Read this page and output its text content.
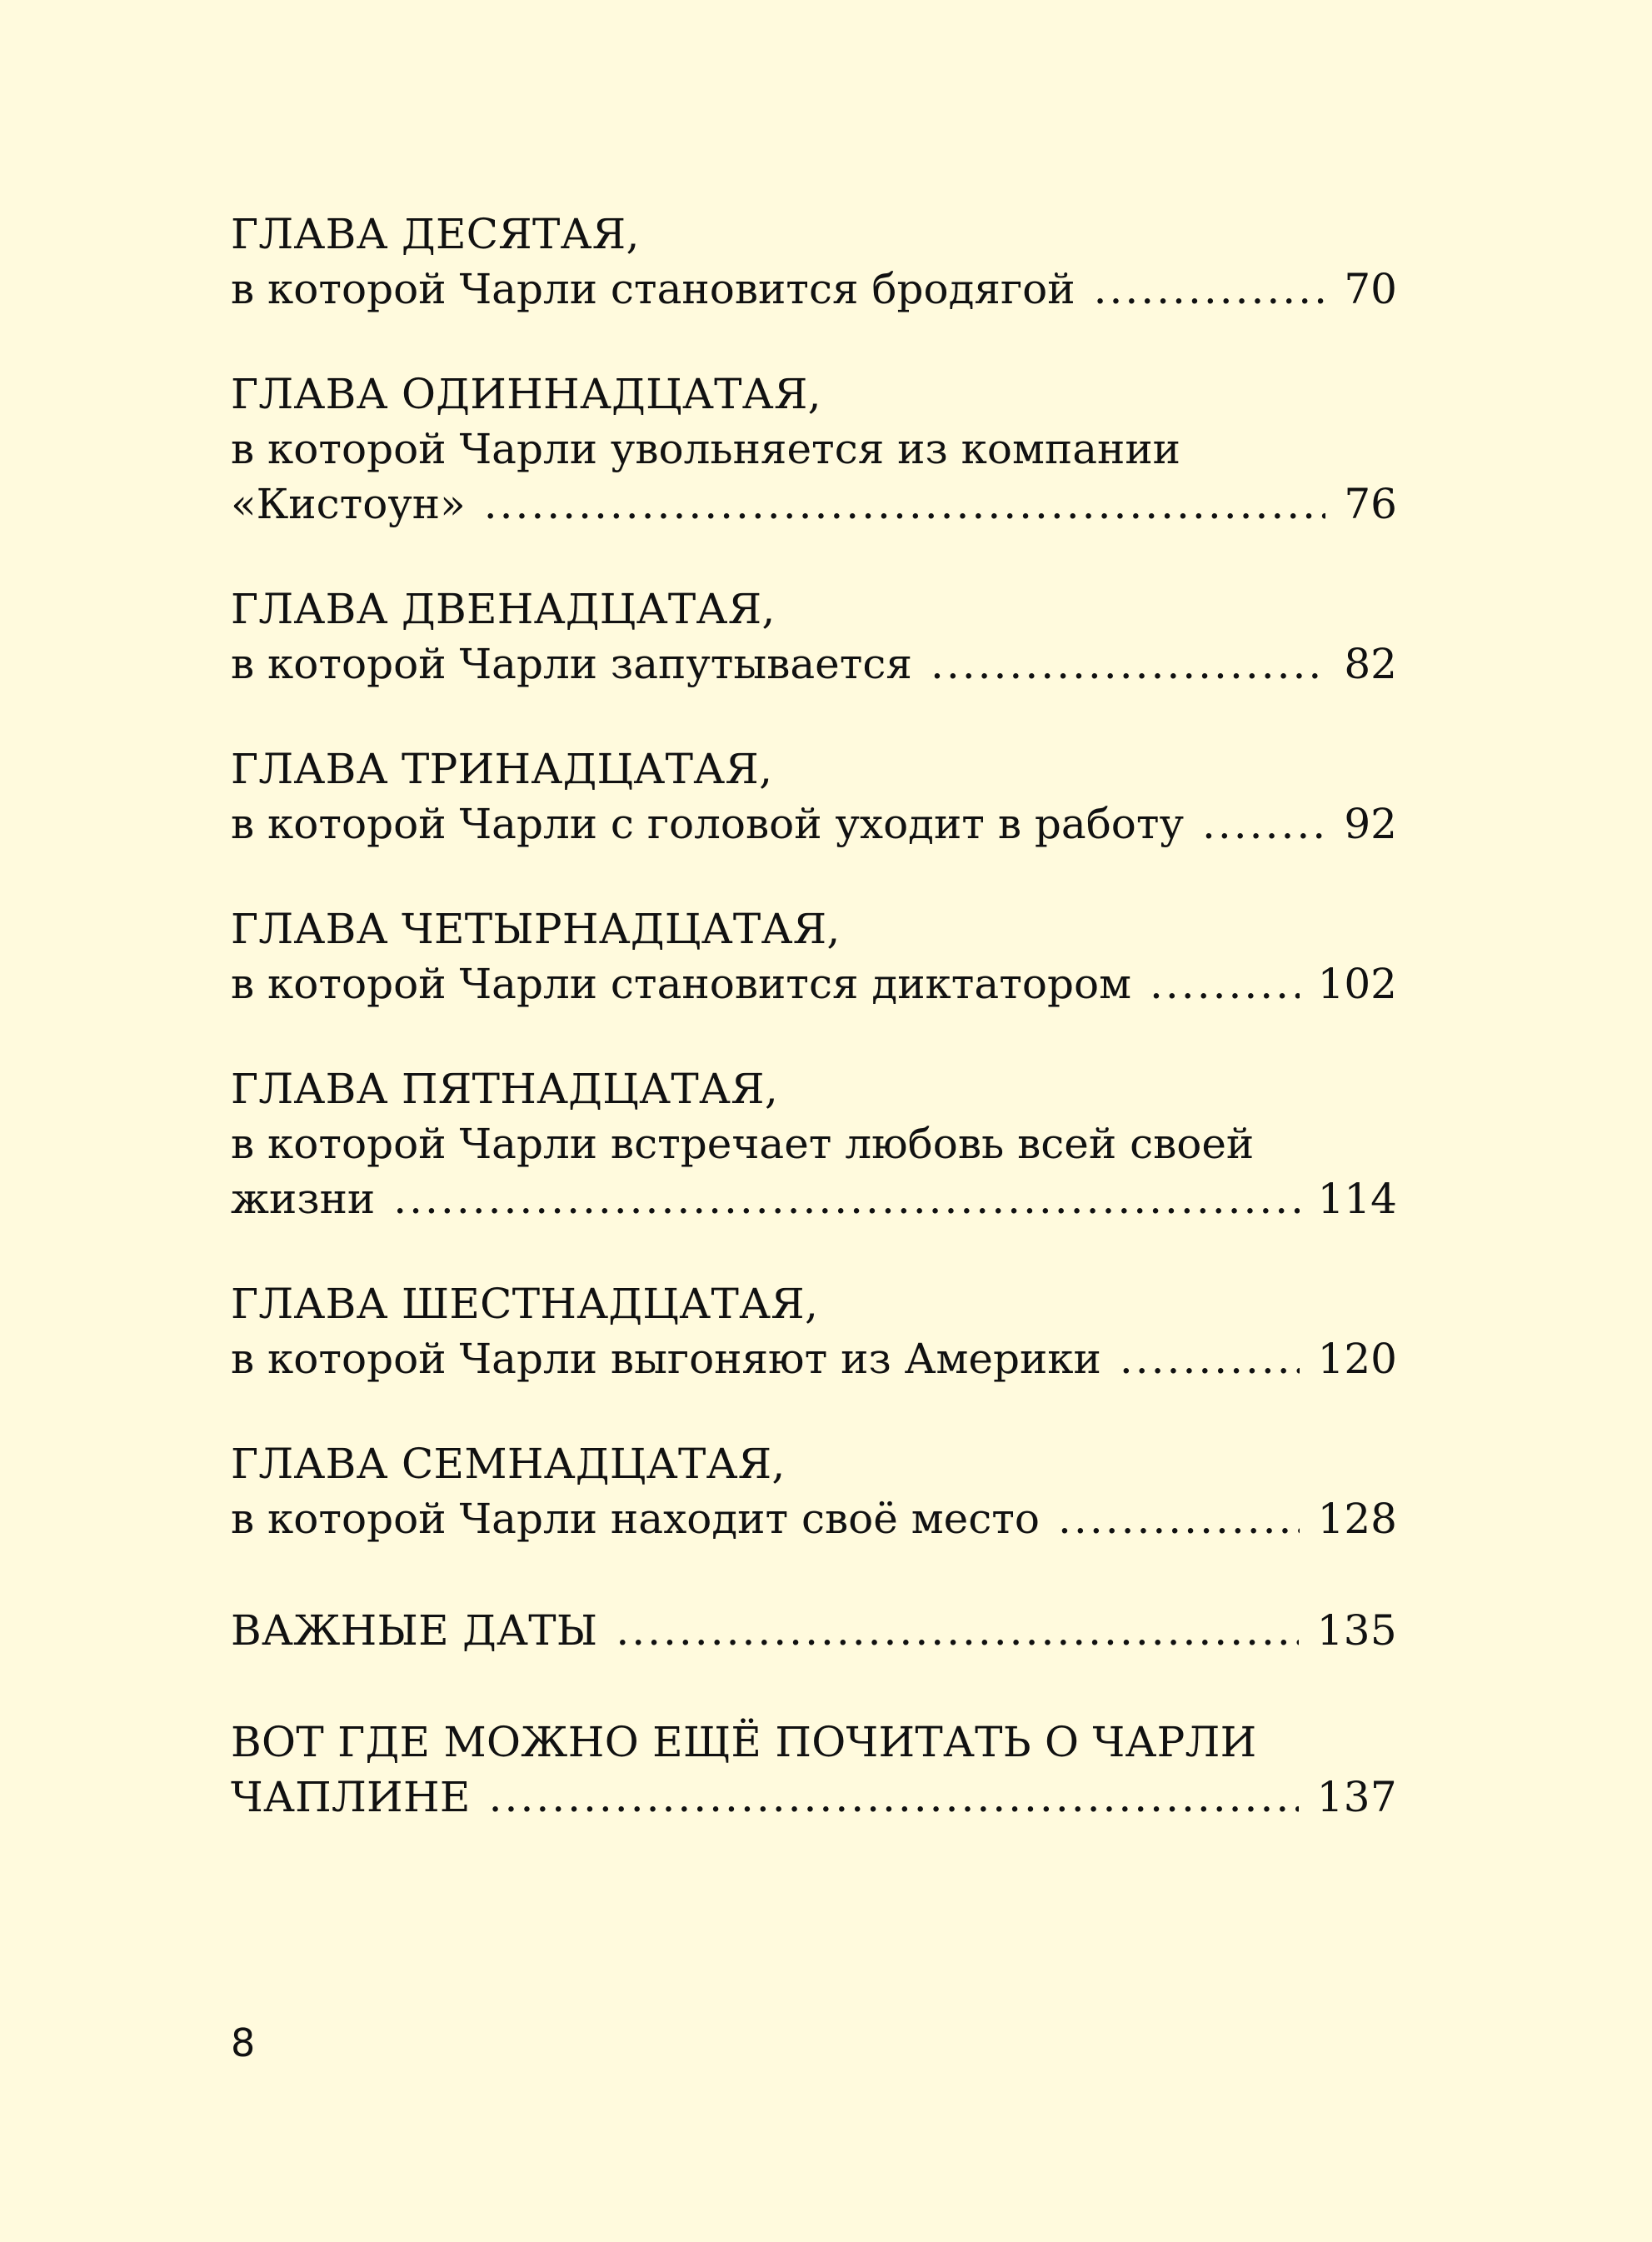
ГЛАВА ДЕСЯТАЯ,
в которой Чарли становится бродягой .....	70
ГЛАВА ОДИННАДЦАТАЯ,
в которой Чарли увольняется из компании
«Кистоун» .....	76
ГЛАВА ДВЕНАДЦАТАЯ,
в которой Чарли запутывается .....	82
ГЛАВА ТРИНАДЦАТАЯ,
в которой Чарли с головой уходит в работу .....	92
ГЛАВА ЧЕТЫРНАДЦАТАЯ,
в которой Чарли становится диктатором .....	102
ГЛАВА ПЯТНАДЦАТАЯ,
в которой Чарли встречает любовь всей своей
жизни .....	114
ГЛАВА ШЕСТНАДЦАТАЯ,
в которой Чарли выгоняют из Америки .....	120
ГЛАВА СЕМНАДЦАТАЯ,
в которой Чарли находит своё место .....	128
ВАЖНЫЕ ДАТЫ .....	135
ВОТ ГДЕ МОЖНО ЕЩЁ ПОЧИТАТЬ О ЧАРЛИ
ЧАПЛИНЕ .....	137
8
